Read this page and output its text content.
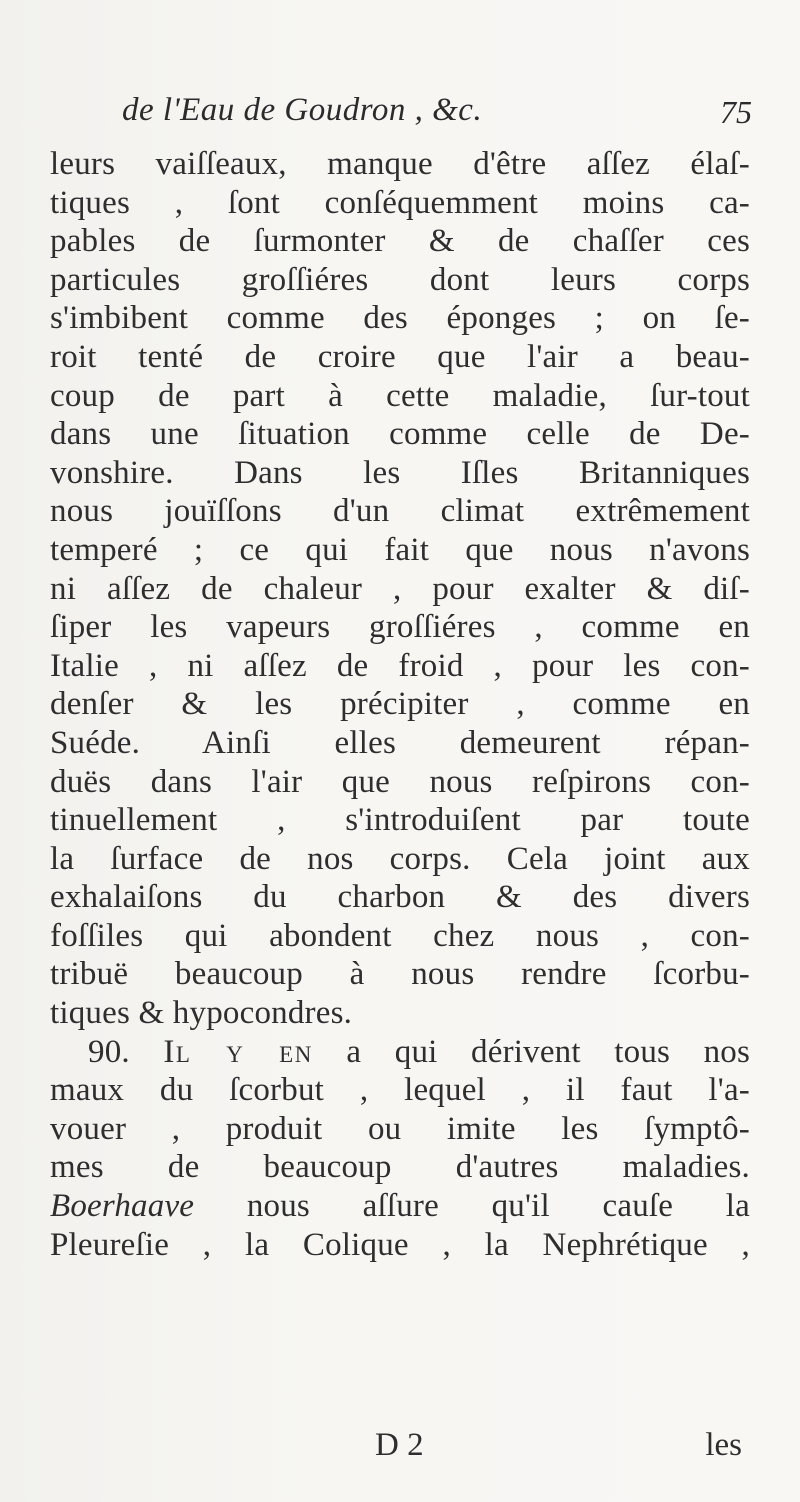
de l'Eau de Goudron , &c.	75
leurs vaiſſeaux, manque d'être aſſez élaſ-
tiques , ſont conſéquemment moins ca-
pables de ſurmonter & de chaſſer ces
particules groſſiéres dont leurs corps
s'imbibent comme des éponges ; on ſe-
roit tenté de croire que l'air a beau-
coup de part à cette maladie, ſur-tout
dans une ſituation comme celle de De-
vonshire. Dans les Iſles Britanniques
nous jouïſſons d'un climat extrêmement
temperé ; ce qui fait que nous n'avons
ni aſſez de chaleur , pour exalter & diſ-
ſiper les vapeurs groſſiéres , comme en
Italie , ni aſſez de froid , pour les con-
denſer & les précipiter , comme en
Suéde. Ainſi elles demeurent répan-
duës dans l'air que nous reſpirons con-
tinuellement , s'introduiſent par toute
la ſurface de nos corps. Cela joint aux
exhalaiſons du charbon & des divers
foſſiles qui abondent chez nous , con-
tribuë beaucoup à nous rendre ſcorbu-
tiques & hypocondres.
90. Il y en a qui dérivent tous nos
maux du ſcorbut , lequel , il faut l'a-
vouer , produit ou imite les ſymptô-
mes de beaucoup d'autres maladies.
Boerhaave nous aſſure qu'il cauſe la
Pleureſie , la Colique , la Nephrétique ,
D 2	les
